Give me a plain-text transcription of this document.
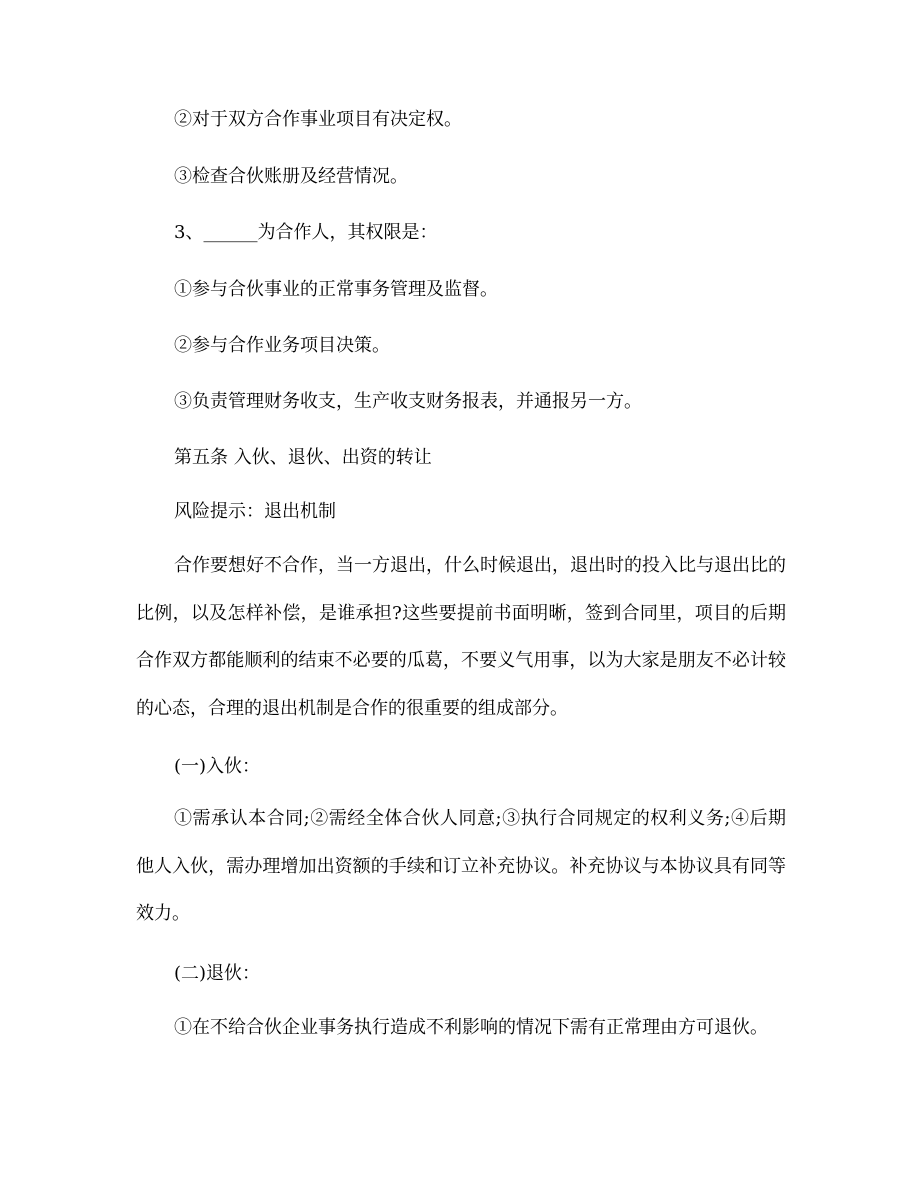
②对于双方合作事业项目有决定权。
③检查合伙账册及经营情况。
3、______为合作人，其权限是：
①参与合伙事业的正常事务管理及监督。
②参与合作业务项目决策。
③负责管理财务收支，生产收支财务报表，并通报另一方。
第五条 入伙、退伙、出资的转让
风险提示：退出机制

合作要想好不合作，当一方退出，什么时候退出，退出时的投入比与退出比的比例，以及怎样补偿，是谁承担?这些要提前书面明晰，签到合同里，项目的后期合作双方都能顺利的结束不必要的瓜葛，不要义气用事，以为大家是朋友不必计较的心态，合理的退出机制是合作的很重要的组成部分。

(一)入伙：

①需承认本合同;②需经全体合伙人同意;③执行合同规定的权利义务;④后期他人入伙，需办理增加出资额的手续和订立补充协议。补充协议与本协议具有同等效力。

(二)退伙：
①在不给合伙企业事务执行造成不利影响的情况下需有正常理由方可退伙。
